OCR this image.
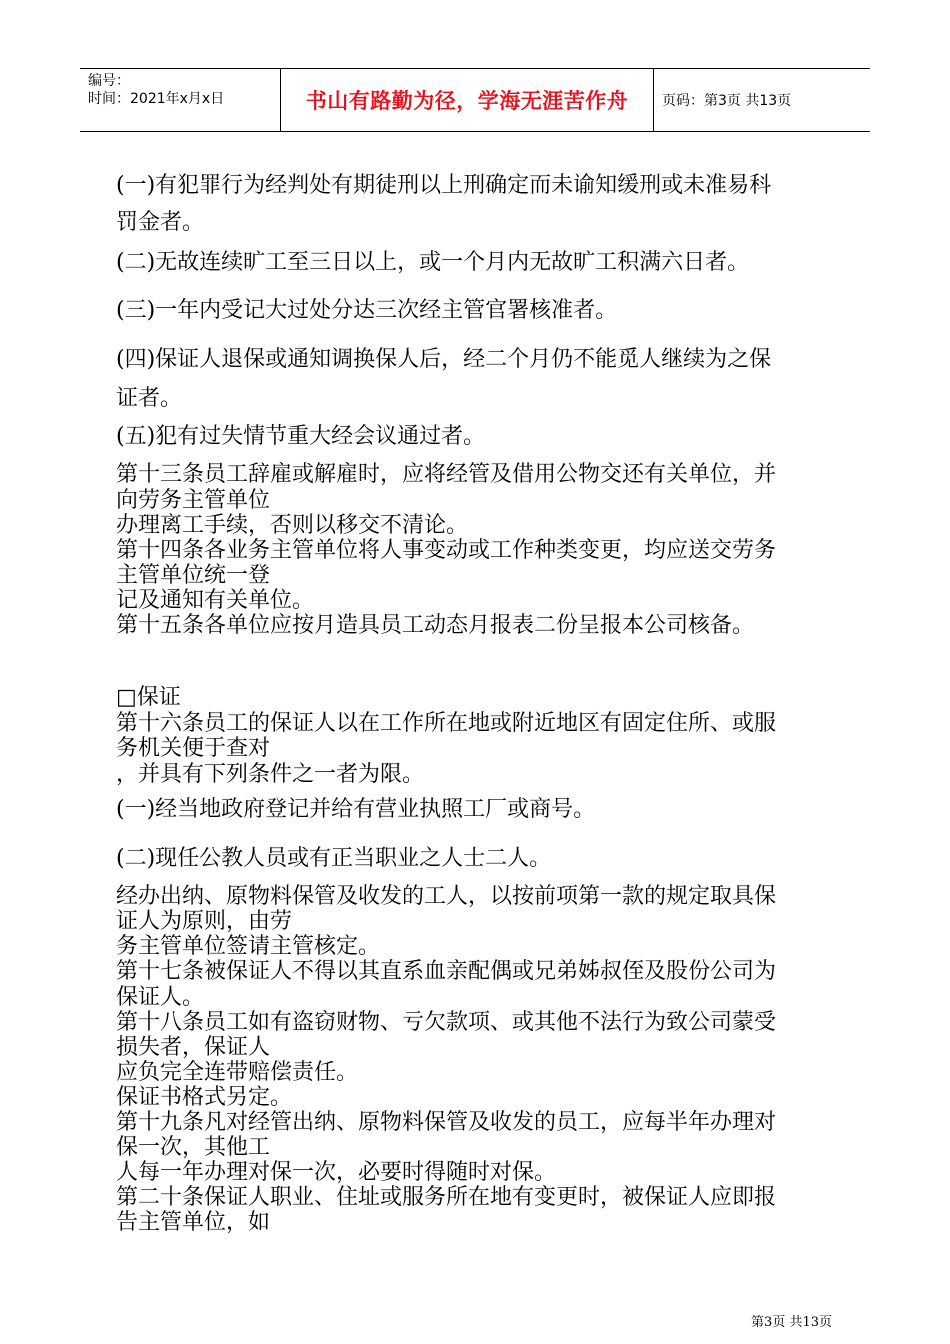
编号：
时间：2021年x月x日	书山有路勤为径，学海无涯苦作舟	页码：第3页 共13页
(一)有犯罪行为经判处有期徒刑以上刑确定而未谕知缓刑或未准易科
罚金者。
(二)无故连续旷工至三日以上，或一个月内无故旷工积满六日者。
(三)一年内受记大过处分达三次经主管官署核准者。
(四)保证人退保或通知调换保人后，经二个月仍不能觅人继续为之保
证者。
(五)犯有过失情节重大经会议通过者。
第十三条员工辞雇或解雇时，应将经管及借用公物交还有关单位，并
向劳务主管单位
办理离工手续，否则以移交不清论。
第十四条各业务主管单位将人事变动或工作种类变更，均应送交劳务
主管单位统一登
记及通知有关单位。
第十五条各单位应按月造具员工动态月报表二份呈报本公司核备。
□保证
第十六条员工的保证人以在工作所在地或附近地区有固定住所、或服
务机关便于查对
，并具有下列条件之一者为限。
(一)经当地政府登记并给有营业执照工厂或商号。
(二)现任公教人员或有正当职业之人士二人。
经办出纳、原物料保管及收发的工人，以按前项第一款的规定取具保
证人为原则，由劳
务主管单位签请主管核定。
第十七条被保证人不得以其直系血亲配偶或兄弟姊叔侄及股份公司为
保证人。
第十八条员工如有盗窃财物、亏欠款项、或其他不法行为致公司蒙受
损失者，保证人
应负完全连带赔偿责任。
保证书格式另定。
第十九条凡对经管出纳、原物料保管及收发的员工，应每半年办理对
保一次，其他工
人每一年办理对保一次，必要时得随时对保。
第二十条保证人职业、住址或服务所在地有变更时，被保证人应即报
告主管单位，如
第3页 共13页
